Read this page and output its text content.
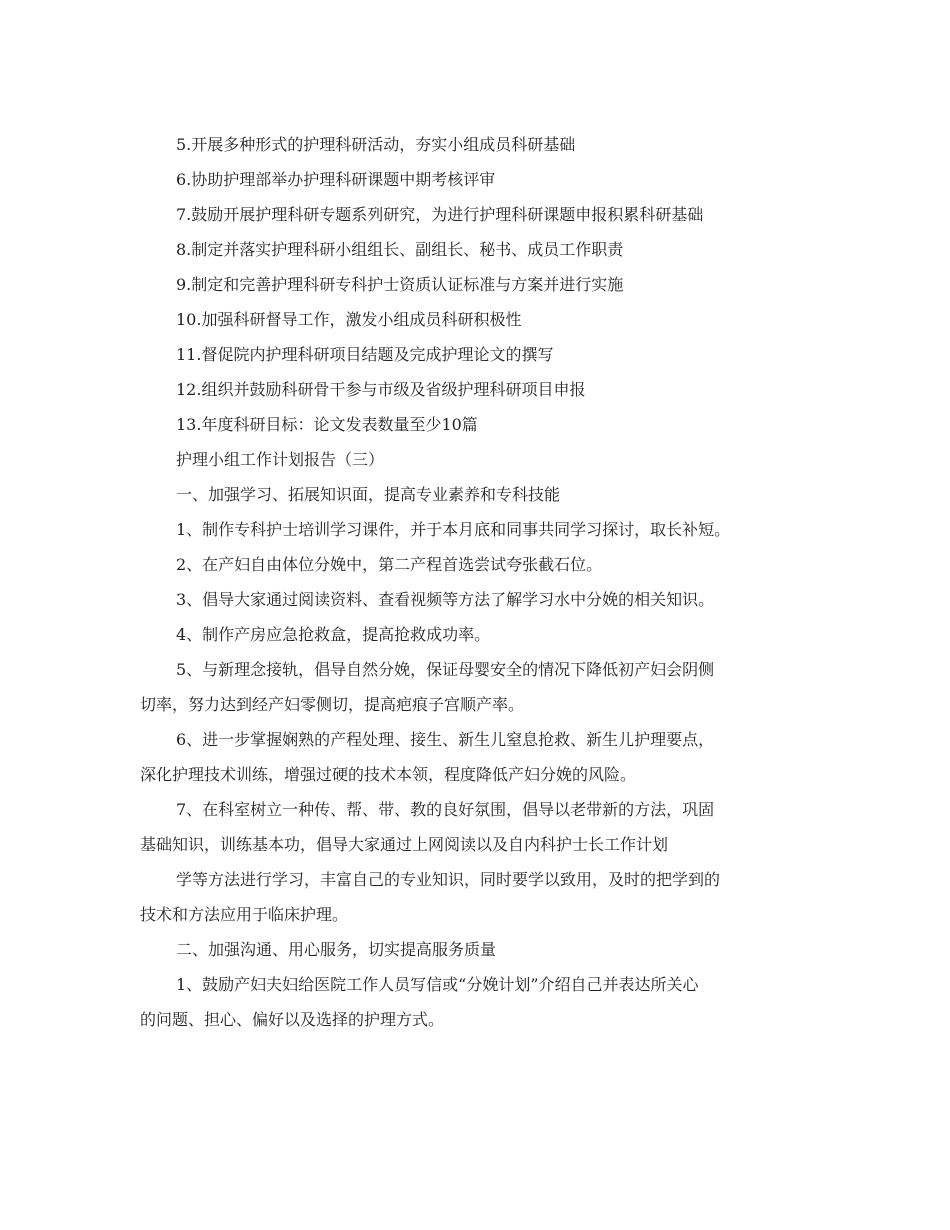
5.开展多种形式的护理科研活动，夯实小组成员科研基础
6.协助护理部举办护理科研课题中期考核评审
7.鼓励开展护理科研专题系列研究，为进行护理科研课题申报积累科研基础
8.制定并落实护理科研小组组长、副组长、秘书、成员工作职责
9.制定和完善护理科研专科护士资质认证标准与方案并进行实施
10.加强科研督导工作，激发小组成员科研积极性
11.督促院内护理科研项目结题及完成护理论文的撰写
12.组织并鼓励科研骨干参与市级及省级护理科研项目申报
13.年度科研目标：论文发表数量至少10篇
护理小组工作计划报告（三）
一、加强学习、拓展知识面，提高专业素养和专科技能
1、制作专科护士培训学习课件，并于本月底和同事共同学习探讨，取长补短。
2、在产妇自由体位分娩中，第二产程首选尝试夸张截石位。
3、倡导大家通过阅读资料、查看视频等方法了解学习水中分娩的相关知识。
4、制作产房应急抢救盒，提高抢救成功率。
5、与新理念接轨，倡导自然分娩，保证母婴安全的情况下降低初产妇会阴侧
切率，努力达到经产妇零侧切，提高疤痕子宫顺产率。
6、进一步掌握娴熟的产程处理、接生、新生儿窒息抢救、新生儿护理要点，
深化护理技术训练，增强过硬的技术本领，程度降低产妇分娩的风险。
7、在科室树立一种传、帮、带、教的良好氛围，倡导以老带新的方法，巩固
基础知识，训练基本功，倡导大家通过上网阅读以及自内科护士长工作计划
学等方法进行学习，丰富自己的专业知识，同时要学以致用，及时的把学到的
技术和方法应用于临床护理。
二、加强沟通、用心服务，切实提高服务质量
1、鼓励产妇夫妇给医院工作人员写信或“分娩计划”介绍自己并表达所关心
的问题、担心、偏好以及选择的护理方式。
